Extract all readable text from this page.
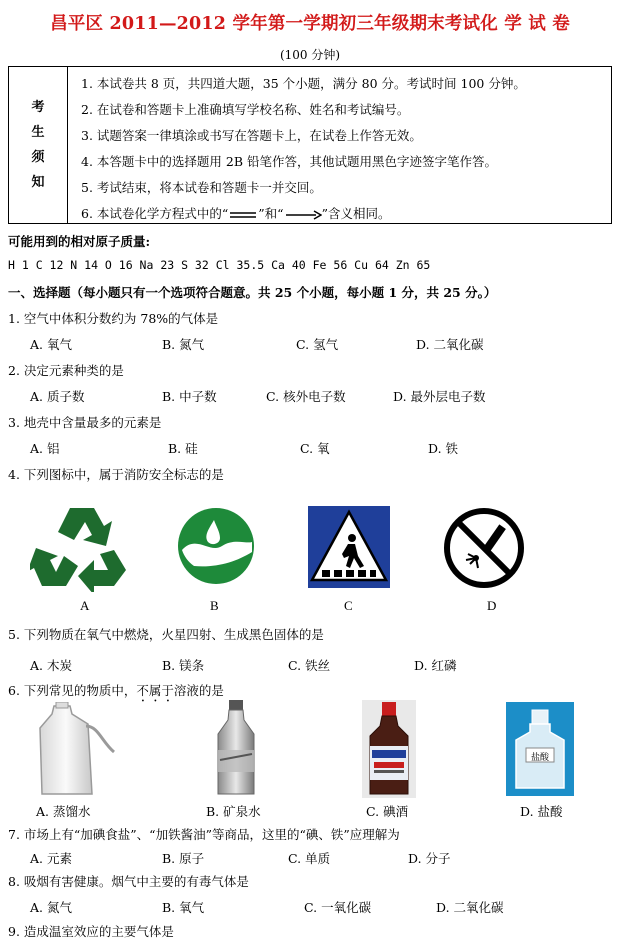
昌平区 2011—2012 学年第一学期初三年级期末考试化 学 试 卷
(100 分钟)
考
生
须
知
1. 本试卷共 8 页，共四道大题，35 个小题，满分 80 分。考试时间 100 分钟。
2. 在试卷和答题卡上准确填写学校名称、姓名和考试编号。
3. 试题答案一律填涂或书写在答题卡上，在试卷上作答无效。
4. 本答题卡中的选择题用 2B 铅笔作答，其他试题用黑色字迹签字笔作答。
5. 考试结束，将本试卷和答题卡一并交回。
6. 本试卷化学方程式中的“ ”和“	”含义相同。
可能用到的相对原子质量:
H 1 C 12 N 14 O 16 Na 23 S 32 Cl 35.5 Ca 40 Fe 56 Cu 64 Zn 65
一、选择题（每小题只有一个选项符合题意。共 25 个小题，每小题 1 分，共 25 分。）
1. 空气中体积分数约为 78%的气体是
A. 氧气	B. 氮气	C. 氢气	D. 二氧化碳
2. 决定元素种类的是
A. 质子数	B. 中子数	C. 核外电子数	D. 最外层电子数
3. 地壳中含量最多的元素是
A. 铝	B. 硅	C. 氧	D. 铁
4. 下列图标中，属于消防安全标志的是
A	B	C	D
5. 下列物质在氧气中燃烧，火星四射、生成黑色固体的是
A. 木炭	B. 镁条	C. 铁丝	D. 红磷
6. 下列常见的物质中，不属于溶液的是
A. 蒸馏水	B. 矿泉水	C. 碘酒
盐酸
D. 盐酸
7. 市场上有“加碘食盐”、“加铁酱油”等商品，这里的“碘、铁”应理解为
A. 元素	B. 原子	C. 单质	D. 分子
8. 吸烟有害健康。烟气中主要的有毒气体是
A. 氮气	B. 氧气	C. 一氧化碳	D. 二氧化碳
9. 造成温室效应的主要气体是
